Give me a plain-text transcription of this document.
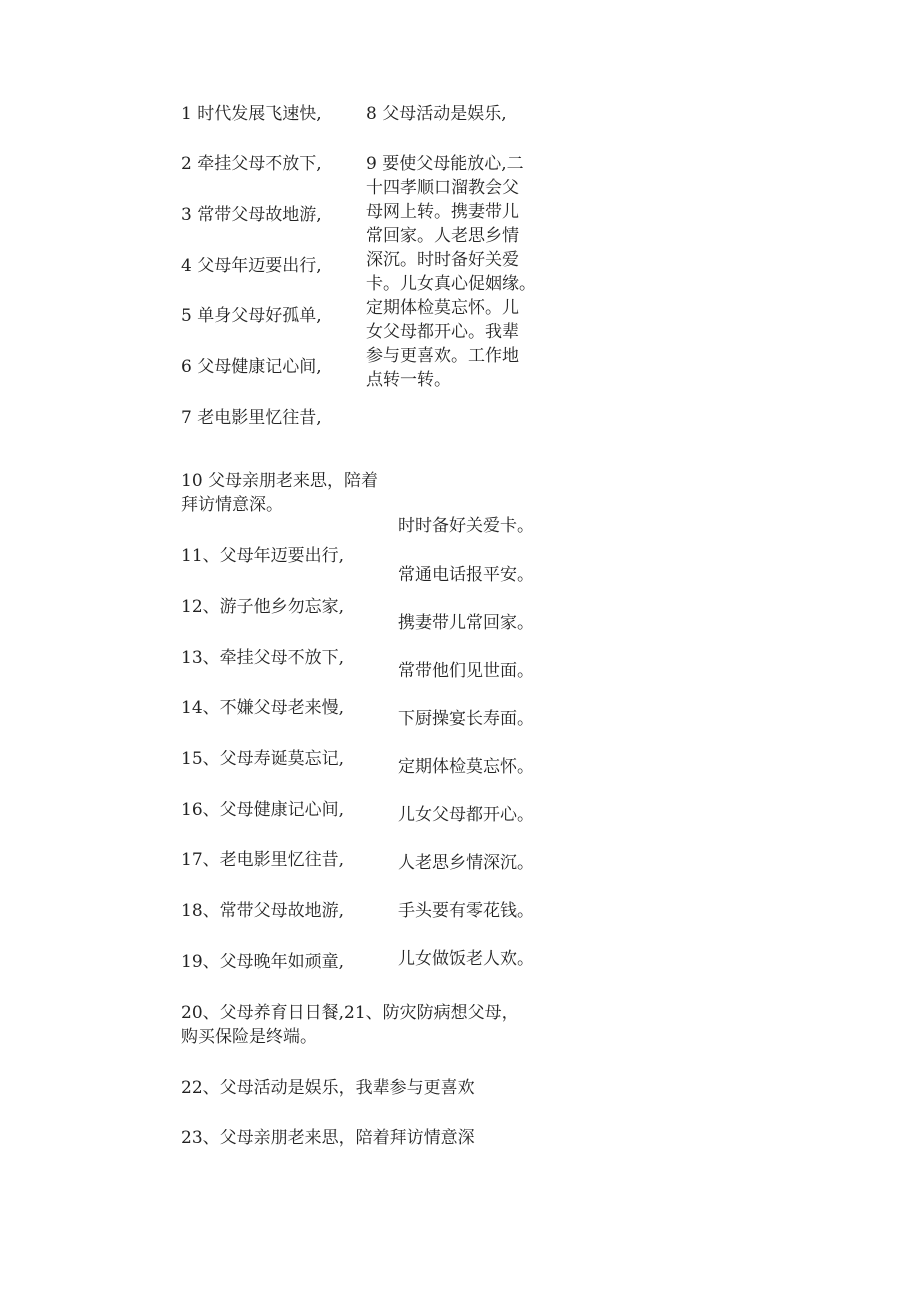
1 时代发展飞速快,
2 牵挂父母不放下,
3 常带父母故地游,
4 父母年迈要出行,
5 单身父母好孤单,
6 父母健康记心间,
7 老电影里忆往昔,
8 父母活动是娱乐,
9 要使父母能放心,二
十四孝顺口溜教会父
母网上转。携妻带儿
常回家。人老思乡情
深沉。时时备好关爱
卡。儿女真心促姻缘。
定期体检莫忘怀。儿
女父母都开心。我辈
参与更喜欢。工作地
点转一转。
10 父母亲朋老来思，陪着
拜访情意深。
11、父母年迈要出行,
12、游子他乡勿忘家,
13、牵挂父母不放下,
14、不嫌父母老来慢,
15、父母寿诞莫忘记,
16、父母健康记心间,
17、老电影里忆往昔,
18、常带父母故地游,
19、父母晚年如顽童,
时时备好关爱卡。
常通电话报平安。
携妻带儿常回家。
常带他们见世面。
下厨操宴长寿面。
定期体检莫忘怀。
儿女父母都开心。
人老思乡情深沉。
手头要有零花钱。
儿女做饭老人欢。
20、父母养育日日餐,21、防灾防病想父母，
购买保险是终端。
22、父母活动是娱乐，我辈参与更喜欢
23、父母亲朋老来思，陪着拜访情意深
